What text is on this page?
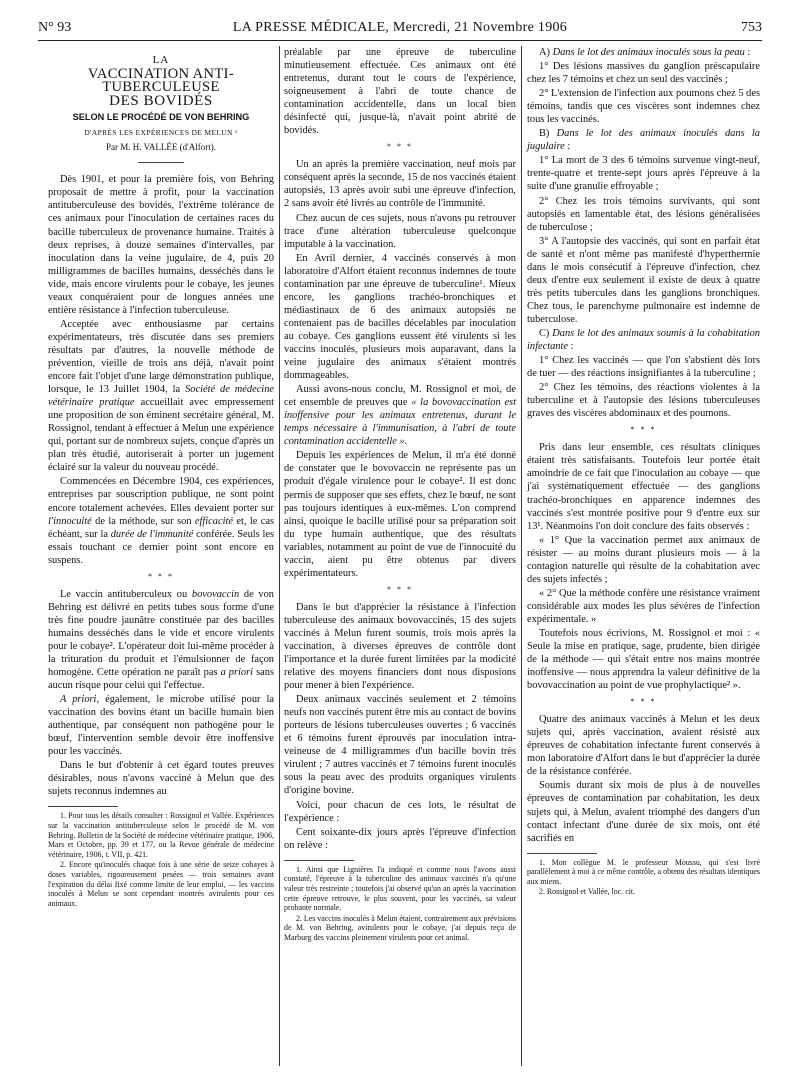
N° 93	LA PRESSE MÉDICALE, Mercredi, 21 Novembre 1906	753
LA
VACCINATION ANTI-TUBERCULEUSE
DES BOVIDÉS
SELON LE PROCÉDÉ DE VON BEHRING
D'APRÈS LES EXPÉRIENCES DE MELUN ¹
Par M. H. VALLÉE (d'Alfort).

Dès 1901, et pour la première fois, von Behring proposait de mettre à profit, pour la vaccination antituberculeuse des bovidés, l'extrême tolérance de ces animaux pour l'inoculation de certaines races du bacille tuberculeux de provenance humaine. Traités à deux reprises, à douze semaines d'intervalles, par inoculation dans la veine jugulaire, de 4, puis 20 milligrammes de bacilles humains, desséchés dans le vide, mais encore virulents pour le cobaye, les jeunes veaux conquéraient pour de longues années une entière résistance à l'infection tuberculeuse.

Acceptée avec enthousiasme par certains expérimentateurs, très discutée dans ses premiers résultats par d'autres, la nouvelle méthode de prévention, vieille de trois ans déjà, n'avait point encore fait l'objet d'une large démonstration publique, lorsque, le 13 Juillet 1904, la Société de médecine vétérinaire pratique accueillait avec empressement une proposition de son éminent secrétaire général, M. Rossignol, tendant à effectuer à Melun une expérience qui, portant sur de nombreux sujets, conçue d'après un plan très étudié, autoriserait à porter un jugement éclairé sur la valeur du nouveau procédé.

Commencées en Décembre 1904, ces expériences, entreprises par souscription publique, ne sont point encore totalement achevées. Elles devaient porter sur l'innocuité de la méthode, sur son efficacité et, le cas échéant, sur la durée de l'immunité conférée. Seuls les essais touchant ce dernier point sont encore en suspens.

* * *

Le vaccin antituberculeux ou bovovaccin de von Behring est délivré en petits tubes sous forme d'une très fine poudre jaunâtre constituée par des bacilles humains desséchés dans le vide et encore virulents pour le cobaye². L'opérateur doit lui-même procéder à la trituration du produit et l'émulsionner de façon homogène. Cette opération ne paraît pas a priori sans aucun risque pour celui qui l'effectue.

A priori, également, le microbe utilisé pour la vaccination des bovins étant un bacille humain bien authentique, par conséquent non pathogène pour le bœuf, l'intervention semble devoir être inoffensive pour les vaccinés.

Dans le but d'obtenir à cet égard toutes preuves désirables, nous n'avons vacciné à Melun que des sujets reconnus indemnes au

1. Pour tous les détails consulter : Rossignol et Vallée. Expériences sur la vaccination antituberculeuse selon le procédé de M. von Behring. Bulletin de la Société de médecine vétérinaire pratique, 1906, Mars et Octobre, pp. 39 et 177, ou la Revue générale de médecine vétérinaire, 1906, t. VII, p. 421.

2. Encore qu'inoculés chaque fois à une série de seize cobayes à doses variables, rigoureusement pesées — trois semaines avant l'expiration du délai fixé comme limite de leur emploi, — les vaccins inoculés à Melun se sont cependant montrés avirulents pour ces animaux.

préalable par une épreuve de tuberculine minutieusement effectuée. Ces animaux ont été entretenus, durant tout le cours de l'expérience, soigneusement à l'abri de toute chance de contamination accidentelle, dans un local bien désinfecté qui, jusque-là, n'avait point abrité de bovidés.

* * *

Un an après la première vaccination, neuf mois par conséquent après la seconde, 15 de nos vaccinés étaient autopsiés, 13 après avoir subi une épreuve d'infection, 2 sans avoir été livrés au contrôle de l'immunité.

Chez aucun de ces sujets, nous n'avons pu retrouver trace d'une altération tuberculeuse quelconque imputable à la vaccination.

En Avril dernier, 4 vaccinés conservés à mon laboratoire d'Alfort étaient reconnus indemnes de toute contamination par une épreuve de tuberculine¹. Mieux encore, les ganglions trachéo-bronchiques et médiastinaux de 6 des animaux autopsiés ne contenaient pas de bacilles décelables par inoculation au cobaye. Ces ganglions eussent été virulents si les vaccins inoculés, plusieurs mois auparavant, dans la veine jugulaire des animaux s'étaient montrés dommageables.

Aussi avons-nous conclu, M. Rossignol et moi, de cet ensemble de preuves que « la bovovaccination est inoffensive pour les animaux entretenus, durant le temps nécessaire à l'immunisation, à l'abri de toute contamination accidentelle ».

Depuis les expériences de Melun, il m'a été donné de constater que le bovovaccin ne représente pas un produit d'égale virulence pour le cobaye². Il est donc permis de supposer que ses effets, chez le bœuf, ne sont pas toujours identiques à eux-mêmes. L'on comprend ainsi, quoique le bacille utilisé pour sa préparation soit du type humain authentique, que des résultats variables, notamment au point de vue de l'innocuité du vaccin, aient pu être obtenus par divers expérimentateurs.

* * *

Dans le but d'apprécier la résistance à l'infection tuberculeuse des animaux bovovaccinés, 15 des sujets vaccinés à Melun furent soumis, trois mois après la vaccination, à diverses épreuves de contrôle dont l'importance et la durée furent limitées par la modicité relative des moyens financiers dont nous disposions pour mener à bien l'expérience.

Deux animaux vaccinés seulement et 2 témoins neufs non vaccinés purent être mis au contact de bovins porteurs de lésions tuberculeuses ouvertes ; 6 vaccinés et 6 témoins furent éprouvés par inoculation intra-veineuse de 4 milligrammes d'un bacille bovin très virulent ; 7 autres vaccinés et 7 témoins furent inoculés sous la peau avec des produits organiques virulents d'origine bovine.

Voici, pour chacun de ces lots, le résultat de l'expérience :

Cent soixante-dix jours après l'épreuve d'infection on relève :

1. Ainsi que Lignières l'a indiqué et comme nous l'avons aussi constaté, l'épreuve à la tuberculine des animaux vaccinés n'a qu'une valeur très restreinte ; toutefois j'ai observé qu'un an après la vaccination cette épreuve retrouve, le plus souvent, pour les vaccinés, sa valeur probante normale.

2. Les vaccins inoculés à Melun étaient, contrairement aux prévisions de M. von Behring, avirulents pour le cobaye, j'ai depuis reçu de Marburg des vaccins pleinement virulents pour cet animal.

A) Dans le lot des animaux inoculés sous la peau :

1° Des lésions massives du ganglion préscapulaire chez les 7 témoins et chez un seul des vaccinés ;

2° L'extension de l'infection aux poumons chez 5 des témoins, tandis que ces viscères sont indemnes chez tous les vaccinés.

B) Dans le lot des animaux inoculés dans la jugulaire :

1° La mort de 3 des 6 témoins survenue vingt-neuf, trente-quatre et trente-sept jours après l'épreuve à la suite d'une granulie effroyable ;

2° Chez les trois témoins survivants, qui sont autopsiés en lamentable état, des lésions généralisées de tuberculose ;

3° A l'autopsie des vaccinés, qui sont en parfait état de santé et n'ont même pas manifesté d'hyperthermie dans le mois consécutif à l'épreuve d'infection, chez deux d'entre eux seulement il existe de deux à quatre très petits tubercules dans les ganglions bronchiques. Chez tous, le parenchyme pulmonaire est indemne de tuberculose.

C) Dans le lot des animaux soumis à la cohabitation infectante :

1° Chez les vaccinés — que l'on s'abstient dès lors de tuer — des réactions insignifiantes à la tuberculine ;

2° Chez les témoins, des réactions violentes à la tuberculine et à l'autopsie des lésions tuberculeuses graves des viscères abdominaux et des poumons.

* * *

Pris dans leur ensemble, ces résultats cliniques étaient très satisfaisants. Toutefois leur portée était amoindrie de ce fait que l'inoculation au cobaye — que j'ai systématiquement effectuée — des ganglions trachéo-bronchiques en apparence indemnes des vaccinés s'est montrée positive pour 9 d'entre eux sur 13¹. Néanmoins l'on doit conclure des faits observés :

« 1° Que la vaccination permet aux animaux de résister — au moins durant plusieurs mois — à la contagion naturelle qui résulte de la cohabitation avec des sujets infectés ;

« 2° Que la méthode confère une résistance vraiment considérable aux modes les plus sévères de l'infection expérimentale. »

Toutefois nous écrivions, M. Rossignol et moi : « Seule la mise en pratique, sage, prudente, bien dirigée de la méthode — qui s'était entre nos mains montrée inoffensive — nous apprendra la valeur définitive de la bovovaccination au point de vue prophylactique² ».

* * *

Quatre des animaux vaccinés à Melun et les deux sujets qui, après vaccination, avaient résisté aux épreuves de cohabitation infectante furent conservés à mon laboratoire d'Alfort dans le but d'apprécier la durée de la résistance conférée.

Soumis durant six mois de plus à de nouvelles épreuves de contamination par cohabitation, les deux sujets qui, à Melun, avaient triomphé des dangers d'un contact infectant d'une durée de six mois, ont été sacrifiés en

1. Mon collègue M. le professeur Moussu, qui s'est livré parallèlement à moi à ce même contrôle, a obtenu des résultats identiques aux miens.

2. Rossignol et Vallée, loc. cit.
